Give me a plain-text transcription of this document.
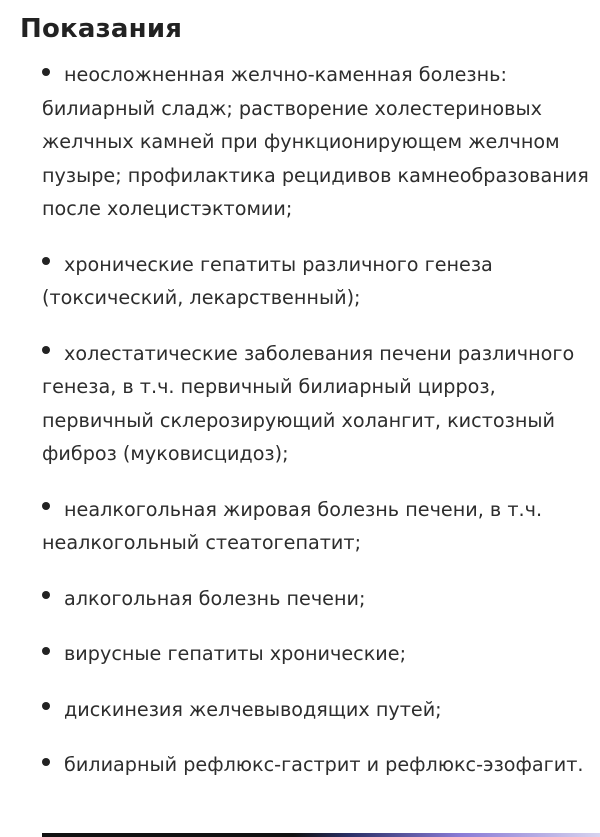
Показания
неосложненная желчно-каменная болезнь: билиарный сладж; растворение холестериновых желчных камней при функционирующем желчном пузыре; профилактика рецидивов камнеобразования после холецистэктомии;
хронические гепатиты различного генеза (токсический, лекарственный);
холестатические заболевания печени различного генеза, в т.ч. первичный билиарный цирроз, первичный склерозирующий холангит, кистозный фиброз (муковисцидоз);
неалкогольная жировая болезнь печени, в т.ч. неалкогольный стеатогепатит;
алкогольная болезнь печени;
вирусные гепатиты хронические;
дискинезия желчевыводящих путей;
билиарный рефлюкс-гастрит и рефлюкс-эзофагит.
